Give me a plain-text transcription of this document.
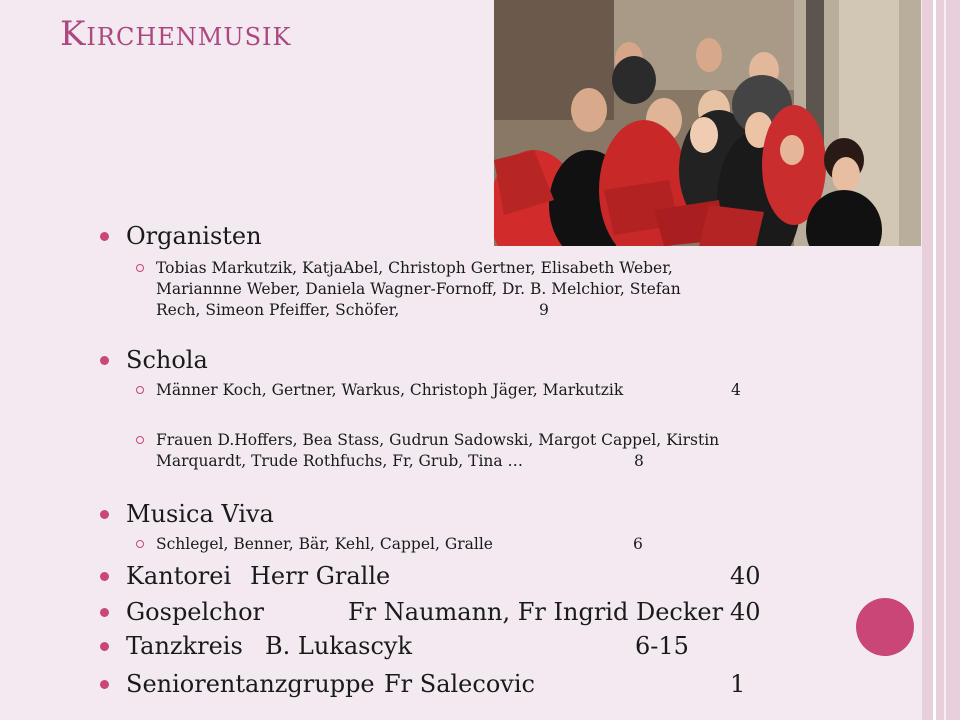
Kirchenmusik
Organisten
Tobias Markutzik, KatjaAbel, Christoph Gertner, Elisabeth Weber,
Mariannne Weber, Daniela Wagner-Fornoff, Dr. B. Melchior, Stefan
Rech, Simeon Pfeiffer, Schöfer,	9
Schola
Männer Koch, Gertner, Warkus, Christoph Jäger, Markutzik	4
Frauen D.Hoffers, Bea Stass, Gudrun Sadowski, Margot Cappel, Kirstin
Marquardt, Trude Rothfuchs, Fr, Grub, Tina …	8
Musica Viva
Schlegel, Benner, Bär, Kehl, Cappel, Gralle	6
Kantorei Herr Gralle	40
Gospelchor	Fr Naumann, Fr Ingrid Decker 40
Tanzkreis B. Lukascyk	6-15
Seniorentanzgruppe Fr Salecovic	1
